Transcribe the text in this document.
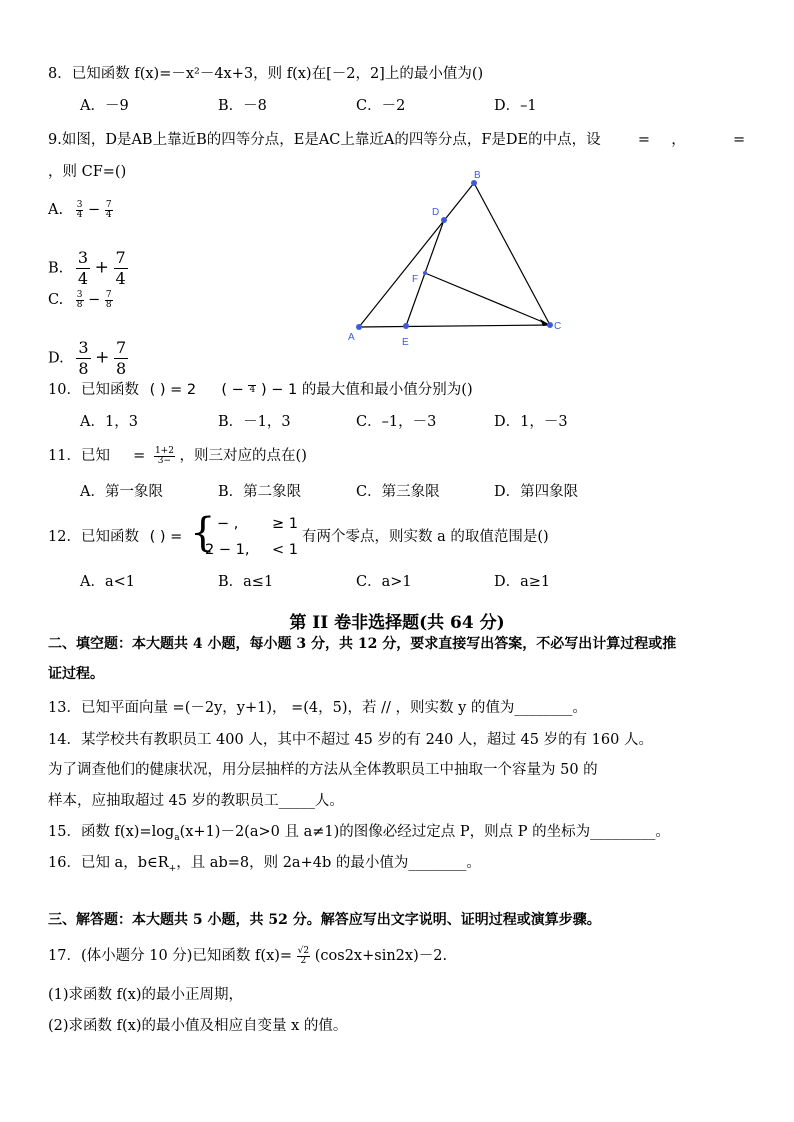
8．已知函数 f(x)=－x²－4x+3，则 f(x)在[－2，2]上的最小值为()
A．－9	B．－8	C．－2	D．–1
9.如图，D是AB上靠近B的四等分点，E是AC上靠近A的四等分点，F是DE的中点，设	= ，	=
，则 CF=()
A. $\frac{3}{4} - \frac{7}{4}$
B. $\frac{3}{4} + \frac{7}{4}$
C. $\frac{3}{8} - \frac{7}{8}$
D. $\frac{3}{8} + \frac{7}{8}$
A
B
C
D
E
F
10．已知函数 ( ) = 2 ( − 4 ) − 1 的最大值和最小值分别为()
A．1，3	B．－1，3	C．–1，－3	D．1，－3
11．已知 = $\frac{1+2}{3-}$ ，则三对应的点在()
A．第一象限	B．第二象限	C．第三象限	D．第四象限
12．已知函数 ( ) = { − , ≥ 1
2 − 1, < 1
有两个零点，则实数 a 的取值范围是()
A．a<1	B．a≤1	C．a>1	D．a≥1
第 II 卷非选择题(共 64 分)
二、填空题：本大题共 4 小题，每小题 3 分，共 12 分，要求直接写出答案，不必写出计算过程或推
证过程。
13．已知平面向量 =(－2y，y+1)， =(4，5)，若 // ，则实数 y 的值为________。
14．某学校共有教职员工 400 人，其中不超过 45 岁的有 240 人，超过 45 岁的有 160 人。
为了调查他们的健康状况，用分层抽样的方法从全体教职员工中抽取一个容量为 50 的
样本，应抽取超过 45 岁的教职员工_____人。
15．函数 $f(x)=\log_a(x+1)-2(a>0$ 且 a≠1)的图像必经过定点 P，则点 P 的坐标为_________。
16．已知 a，$b\in R_+$，且 ab=8，则 2a+4b 的最小值为________。
三、解答题：本大题共 5 小题，共 52 分。解答应写出文字说明、证明过程或演算步骤。
17．(体小题分 10 分)已知函数 $f(x)= \frac{√2}{2} (\cos 2x+\sin 2x)-2$.
(1)求函数 f(x)的最小正周期，
(2)求函数 f(x)的最小值及相应自变量 x 的值。
